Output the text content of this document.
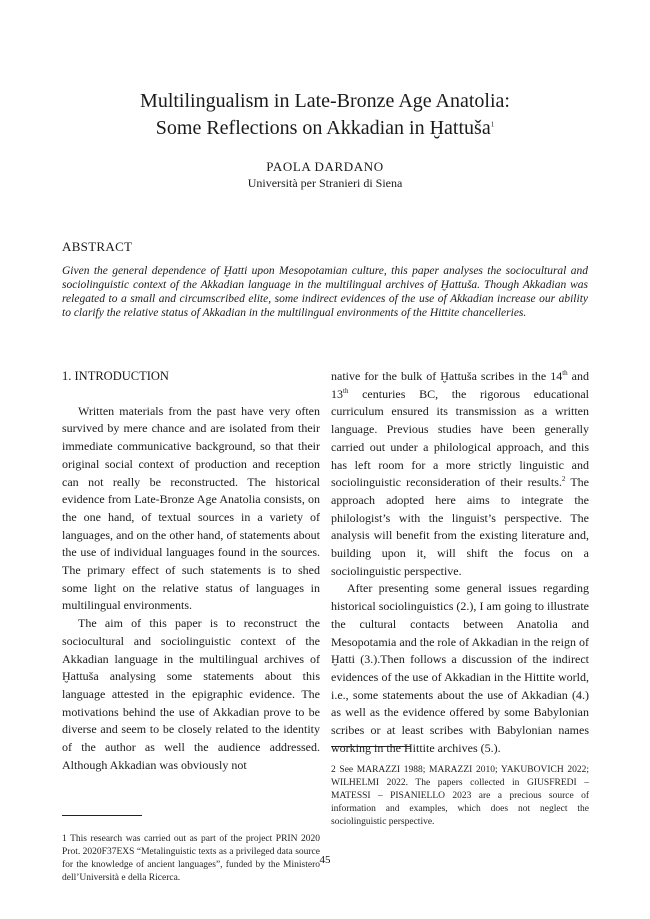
Multilingualism in Late-Bronze Age Anatolia:
Some Reflections on Akkadian in Ḫattuša$^1$
PAOLA DARDANO
Università per Stranieri di Siena
ABSTRACT
Given the general dependence of Ḫatti upon Mesopotamian culture, this paper analyses the sociocultural and sociolinguistic context of the Akkadian language in the multilingual archives of Ḫattuša. Though Akkadian was relegated to a small and circumscribed elite, some indirect evidences of the use of Akkadian increase our ability to clarify the relative status of Akkadian in the multilingual environments of the Hittite chancelleries.
1. INTRODUCTION

Written materials from the past have very often survived by mere chance and are isolated from their immediate communicative background, so that their original social context of production and reception can not really be reconstructed. The historical evidence from Late-Bronze Age Anatolia consists, on the one hand, of textual sources in a variety of languages, and on the other hand, of statements about the use of individual languages found in the sources. The primary effect of such statements is to shed some light on the relative status of languages in multilingual environments.

The aim of this paper is to reconstruct the sociocultural and sociolinguistic context of the Akkadian language in the multilingual archives of Ḫattuša analysing some statements about this language attested in the epigraphic evidence. The motivations behind the use of Akkadian prove to be diverse and seem to be closely related to the identity of the author as well the audience addressed. Although Akkadian was obviously not

native for the bulk of Ḫattuša scribes in the 14th and 13th centuries BC, the rigorous educational curriculum ensured its transmission as a written language. Previous studies have been generally carried out under a philological approach, and this has left room for a more strictly linguistic and sociolinguistic reconsideration of their results.$^2$ The approach adopted here aims to integrate the philologist’s with the linguist’s perspective. The analysis will benefit from the existing literature and, building upon it, will shift the focus on a sociolinguistic perspective.

After presenting some general issues regarding historical sociolinguistics (2.), I am going to illustrate the cultural contacts between Anatolia and Mesopotamia and the role of Akkadian in the reign of Ḫatti (3.).Then follows a discussion of the indirect evidences of the use of Akkadian in the Hittite world, i.e., some statements about the use of Akkadian (4.) as well as the evidence offered by some Babylonian scribes or at least scribes with Babylonian names working in the Hittite archives (5.).

1 This research was carried out as part of the project PRIN 2020 Prot. 2020F37EXS “Metalinguistic texts as a privileged data source for the knowledge of ancient languages”, funded by the Ministero dell’Università e della Ricerca.
2 See MARAZZI 1988; MARAZZI 2010; YAKUBOVICH 2022; WILHELMI 2022. The papers collected in GIUSFREDI – MATESSI – PISANIELLO 2023 are a precious source of information and examples, which does not neglect the sociolinguistic perspective.
45
